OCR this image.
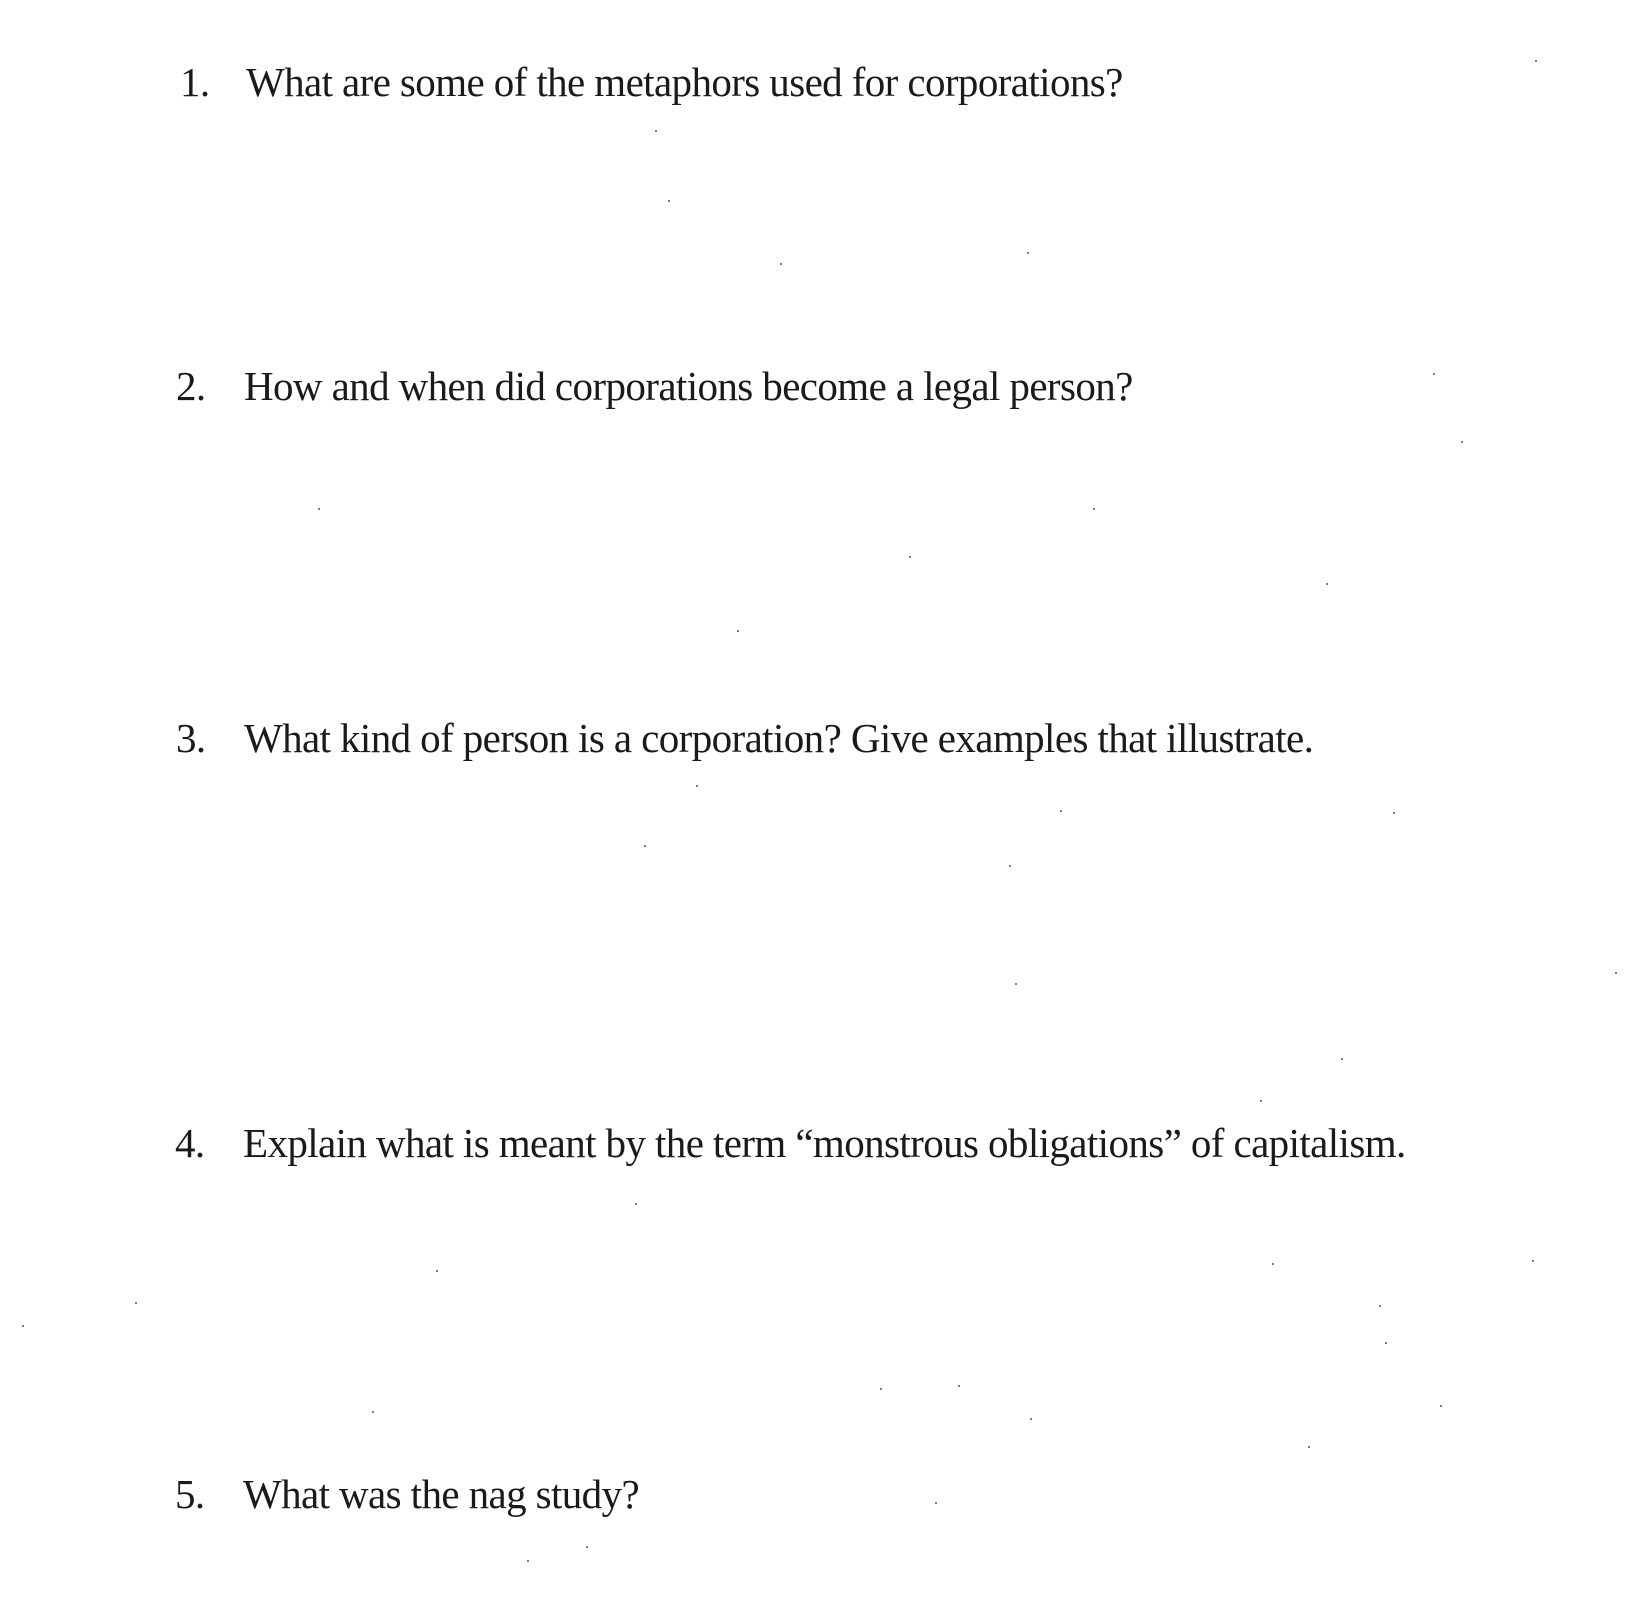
1. What are some of the metaphors used for corporations?
2. How and when did corporations become a legal person?
3. What kind of person is a corporation? Give examples that illustrate.
4. Explain what is meant by the term “monstrous obligations” of capitalism.
5. What was the nag study?
